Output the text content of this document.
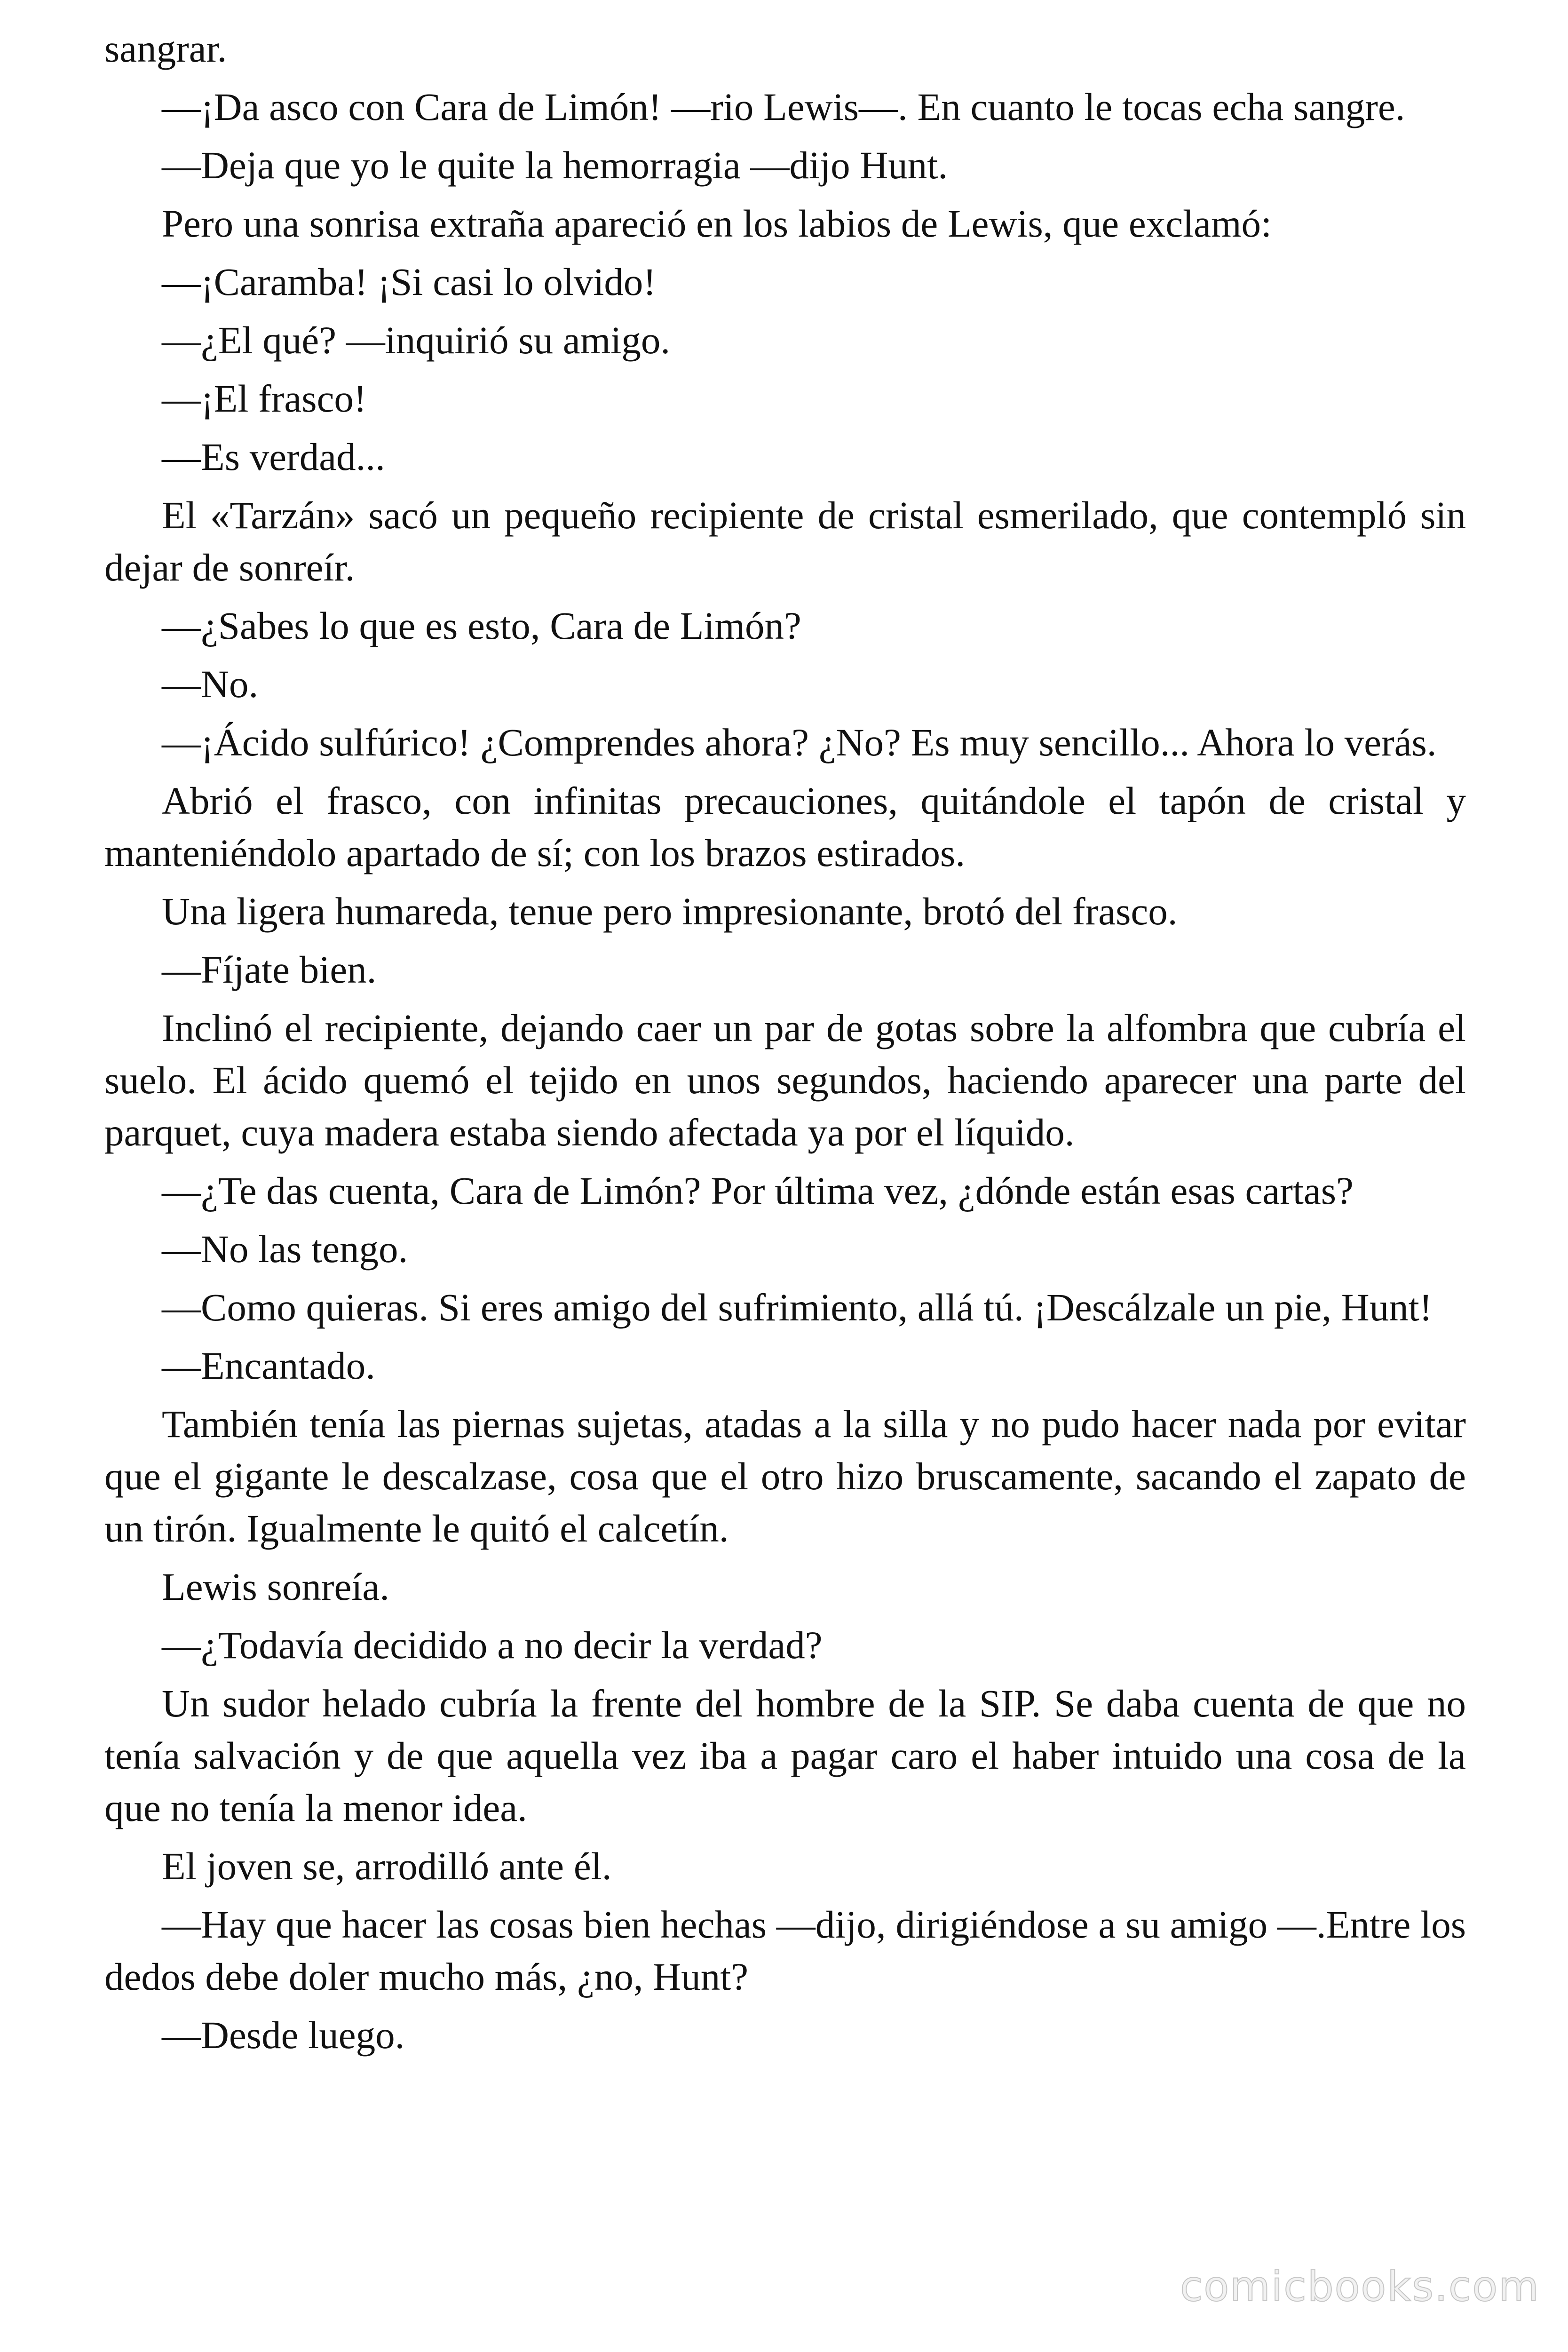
sangrar.

—¡Da asco con Cara de Limón! —rio Lewis—. En cuanto le tocas echa sangre.

—Deja que yo le quite la hemorragia —dijo Hunt.

Pero una sonrisa extraña apareció en los labios de Lewis, que exclamó:

—¡Caramba! ¡Si casi lo olvido!

—¿El qué? —inquirió su amigo.

—¡El frasco!

—Es verdad...

El «Tarzán» sacó un pequeño recipiente de cristal esmerilado, que contempló sin dejar de sonreír.

—¿Sabes lo que es esto, Cara de Limón?

—No.

—¡Ácido sulfúrico! ¿Comprendes ahora? ¿No? Es muy sencillo... Ahora lo verás.

Abrió el frasco, con infinitas precauciones, quitándole el tapón de cristal y manteniéndolo apartado de sí; con los brazos estirados.

Una ligera humareda, tenue pero impresionante, brotó del frasco.

—Fíjate bien.

Inclinó el recipiente, dejando caer un par de gotas sobre la alfombra que cubría el suelo. El ácido quemó el tejido en unos segundos, haciendo aparecer una parte del parquet, cuya madera estaba siendo afectada ya por el líquido.

—¿Te das cuenta, Cara de Limón? Por última vez, ¿dónde están esas cartas?

—No las tengo.

—Como quieras. Si eres amigo del sufrimiento, allá tú. ¡Descálzale un pie, Hunt!

—Encantado.

También tenía las piernas sujetas, atadas a la silla y no pudo hacer nada por evitar que el gigante le descalzase, cosa que el otro hizo bruscamente, sacando el zapato de un tirón. Igualmente le quitó el calcetín.

Lewis sonreía.

—¿Todavía decidido a no decir la verdad?

Un sudor helado cubría la frente del hombre de la SIP. Se daba cuenta de que no tenía salvación y de que aquella vez iba a pagar caro el haber intuido una cosa de la que no tenía la menor idea.

El joven se, arrodilló ante él.

—Hay que hacer las cosas bien hechas —dijo, dirigiéndose a su amigo —.Entre los dedos debe doler mucho más, ¿no, Hunt?

—Desde luego.

comicbooks.com
